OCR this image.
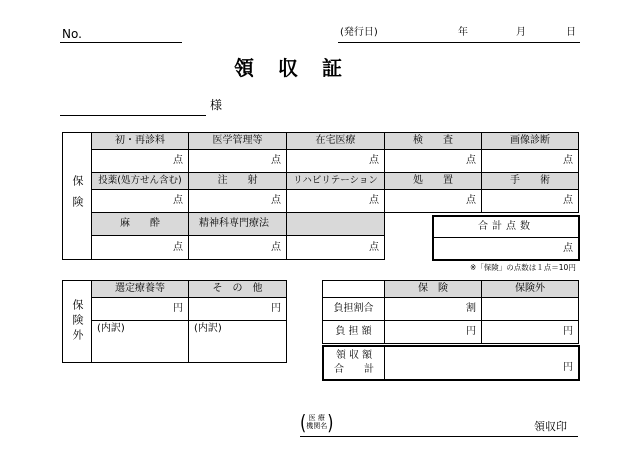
No.	(発行日)	年	月	日
領　収　証
様
保険
初・再診料	医学管理等	在宅医療	検　　査	画像診断
点	点	点	点	点
投薬(処方せん含む)	注　　射	リハビリテーション	処　　置	手　　術
点	点	点	点	点
麻　　酔	精神科専門療法
点	点	点
合計点数
点
※「保険」の点数は１点＝10円
保険外
選定療養等	そ　の　他
円	円
(内訳)	(内訳)
保　険	保険外
負担割合	割
負 担 額	円	円
領 収 額
合　　計	円
( 医 療
機関名 )	領収印
